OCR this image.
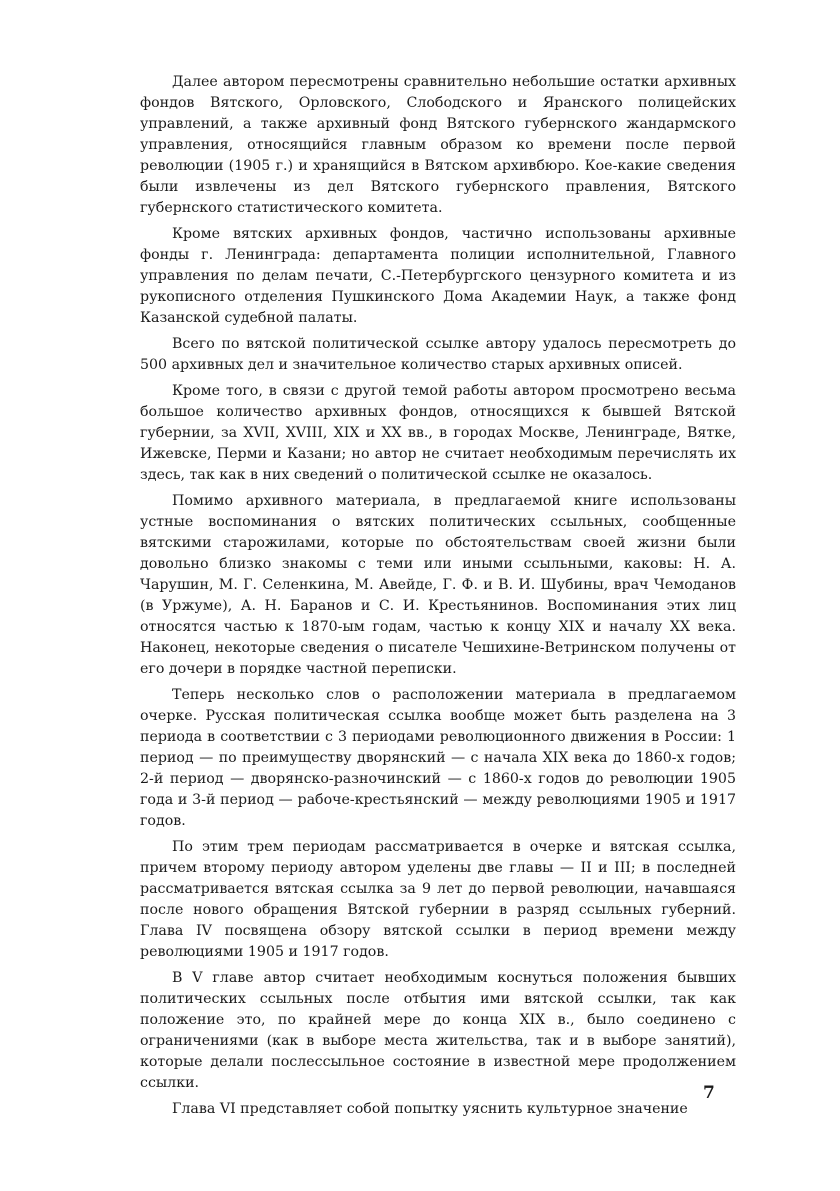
Далее автором пересмотрены сравнительно небольшие остатки архивных фондов Вятского, Орловского, Слободского и Яранского полицейских управлений, а также архивный фонд Вятского губернского жандармского управления, относящийся главным образом ко времени после первой революции (1905 г.) и хранящийся в Вятском архивбюро. Кое-какие сведения были извлечены из дел Вятского губернского правления, Вятского губернского статистического комитета.

Кроме вятских архивных фондов, частично использованы архивные фонды г. Ленинграда: департамента полиции исполнительной, Главного управления по делам печати, С.-Петербургского цензурного комитета и из рукописного отделения Пушкинского Дома Академии Наук, а также фонд Казанской судебной палаты.

Всего по вятской политической ссылке автору удалось пересмотреть до 500 архивных дел и значительное количество старых архивных описей.

Кроме того, в связи с другой темой работы автором просмотрено весьма большое количество архивных фондов, относящихся к бывшей Вятской губернии, за XVII, XVIII, XIX и XX вв., в городах Москве, Ленинграде, Вятке, Ижевске, Перми и Казани; но автор не считает необходимым перечислять их здесь, так как в них сведений о политической ссылке не оказалось.

Помимо архивного материала, в предлагаемой книге использованы устные воспоминания о вятских политических ссыльных, сообщенные вятскими старожилами, которые по обстоятельствам своей жизни были довольно близко знакомы с теми или иными ссыльными, каковы: Н. А. Чарушин, М. Г. Селенкина, М. Авейде, Г. Ф. и В. И. Шубины, врач Чемоданов (в Уржуме), А. Н. Баранов и С. И. Крестьянинов. Воспоминания этих лиц относятся частью к 1870-ым годам, частью к концу XIX и началу XX века. Наконец, некоторые сведения о писателе Чешихине-Ветринском получены от его дочери в порядке частной переписки.

Теперь несколько слов о расположении материала в предлагаемом очерке. Русская политическая ссылка вообще может быть разделена на 3 периода в соответствии с 3 периодами революционного движения в России: 1 период — по преимуществу дворянский — с начала XIX века до 1860-х годов; 2-й период — дворянско-разночинский — с 1860-х годов до революции 1905 года и 3-й период — рабоче-крестьянский — между революциями 1905 и 1917 годов.

По этим трем периодам рассматривается в очерке и вятская ссылка, причем второму периоду автором уделены две главы — II и III; в последней рассматривается вятская ссылка за 9 лет до первой революции, начавшаяся после нового обращения Вятской губернии в разряд ссыльных губерний. Глава IV посвящена обзору вятской ссылки в период времени между революциями 1905 и 1917 годов.

В V главе автор считает необходимым коснуться положения бывших политических ссыльных после отбытия ими вятской ссылки, так как положение это, по крайней мере до конца XIX в., было соединено с ограничениями (как в выборе места жительства, так и в выборе занятий), которые делали послессыльное состояние в известной мере продолжением ссылки.

Глава VI представляет собой попытку уяснить культурное значение

7
